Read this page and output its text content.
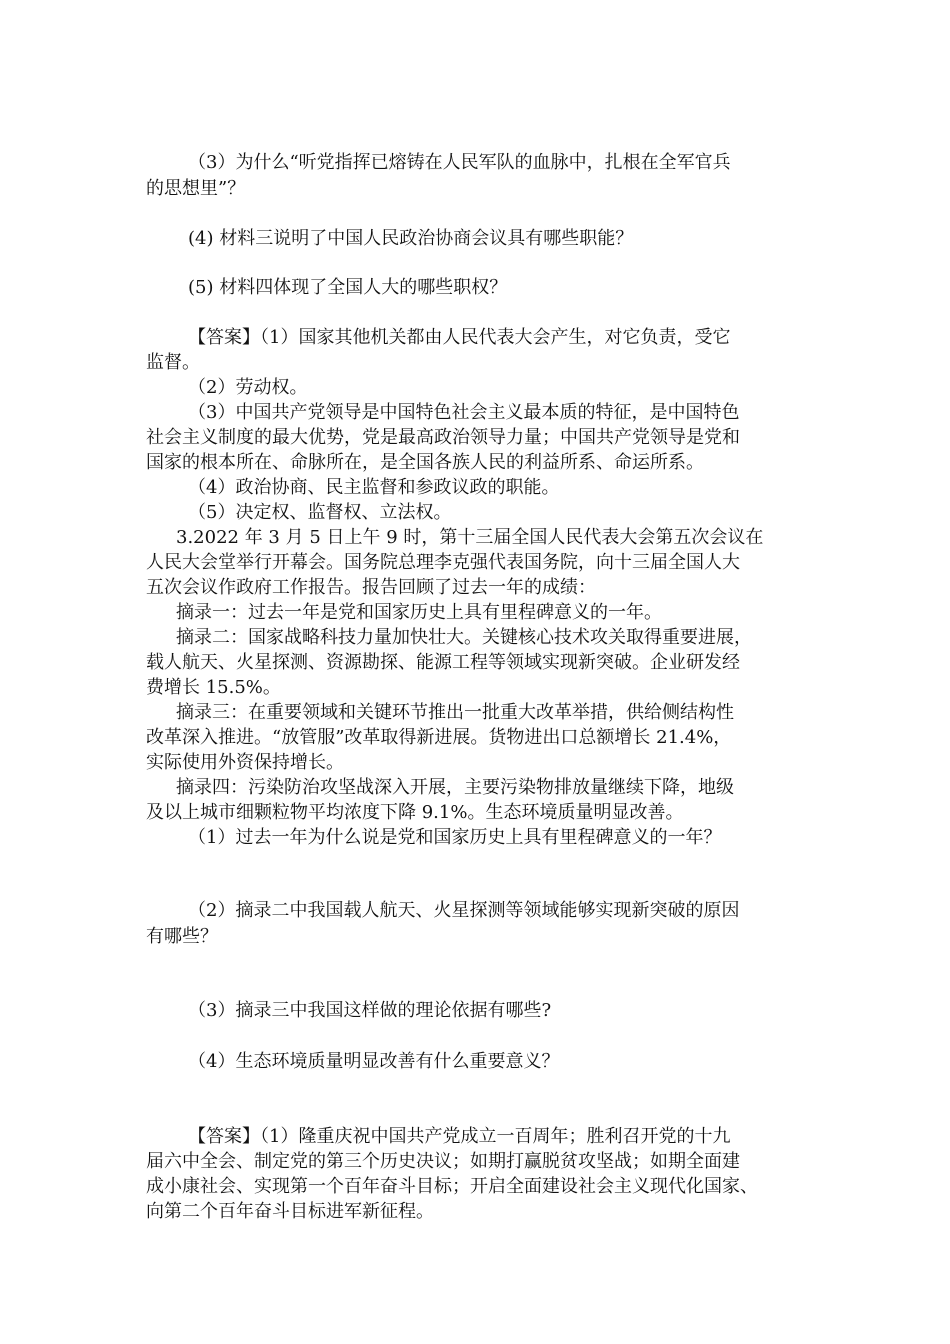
（3）为什么“听党指挥已熔铸在人民军队的血脉中，扎根在全军官兵
的思想里”？
(4) 材料三说明了中国人民政治协商会议具有哪些职能？
(5) 材料四体现了全国人大的哪些职权？
【答案】（1）国家其他机关都由人民代表大会产生，对它负责，受它
监督。
（2）劳动权。
（3）中国共产党领导是中国特色社会主义最本质的特征，是中国特色
社会主义制度的最大优势，党是最高政治领导力量；中国共产党领导是党和
国家的根本所在、命脉所在，是全国各族人民的利益所系、命运所系。
（4）政治协商、民主监督和参政议政的职能。
（5）决定权、监督权、立法权。
3.2022 年 3 月 5 日上午 9 时，第十三届全国人民代表大会第五次会议在
人民大会堂举行开幕会。国务院总理李克强代表国务院，向十三届全国人大
五次会议作政府工作报告。报告回顾了过去一年的成绩：
摘录一：过去一年是党和国家历史上具有里程碑意义的一年。
摘录二：国家战略科技力量加快壮大。关键核心技术攻关取得重要进展，
载人航天、火星探测、资源勘探、能源工程等领域实现新突破。企业研发经
费增长 15.5%。
摘录三：在重要领域和关键环节推出一批重大改革举措，供给侧结构性
改革深入推进。“放管服”改革取得新进展。货物进出口总额增长 21.4%，
实际使用外资保持增长。
摘录四：污染防治攻坚战深入开展，主要污染物排放量继续下降，地级
及以上城市细颗粒物平均浓度下降 9.1%。生态环境质量明显改善。
（1）过去一年为什么说是党和国家历史上具有里程碑意义的一年？
（2）摘录二中我国载人航天、火星探测等领域能够实现新突破的原因
有哪些？
（3）摘录三中我国这样做的理论依据有哪些?
（4）生态环境质量明显改善有什么重要意义？
【答案】（1）隆重庆祝中国共产党成立一百周年；胜利召开党的十九
届六中全会、制定党的第三个历史决议；如期打赢脱贫攻坚战；如期全面建
成小康社会、实现第一个百年奋斗目标；开启全面建设社会主义现代化国家、
向第二个百年奋斗目标进军新征程。
